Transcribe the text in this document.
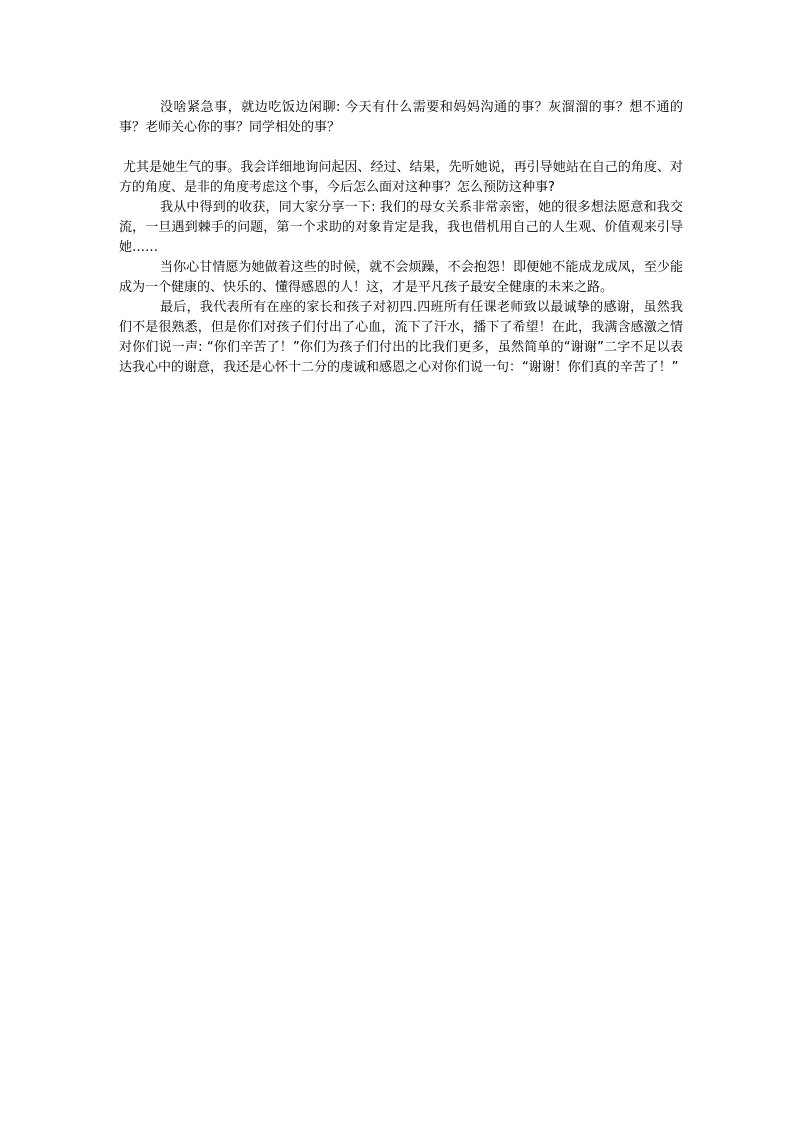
没啥紧急事，就边吃饭边闲聊: 今天有什么需要和妈妈沟通的事？灰溜溜的事？想不通的事？老师关心你的事？同学相处的事？

尤其是她生气的事。我会详细地询问起因、经过、结果，先听她说，再引导她站在自己的角度、对方的角度、是非的角度考虑这个事，今后怎么面对这种事？怎么预防这种事?

我从中得到的收获，同大家分享一下: 我们的母女关系非常亲密，她的很多想法愿意和我交流，一旦遇到棘手的问题，第一个求助的对象肯定是我，我也借机用自己的人生观、价值观来引导她……

当你心甘情愿为她做着这些的时候，就不会烦躁，不会抱怨！即便她不能成龙成凤，至少能成为一个健康的、快乐的、懂得感恩的人！这，才是平凡孩子最安全健康的未来之路。

最后，我代表所有在座的家长和孩子对初四.四班所有任课老师致以最诚挚的感谢，虽然我们不是很熟悉，但是你们对孩子们付出了心血，流下了汗水，播下了希望！在此，我满含感激之情对你们说一声: “你们辛苦了！”你们为孩子们付出的比我们更多，虽然简单的“谢谢”二字不足以表达我心中的谢意，我还是心怀十二分的虔诚和感恩之心对你们说一句：“谢谢！你们真的辛苦了！”
